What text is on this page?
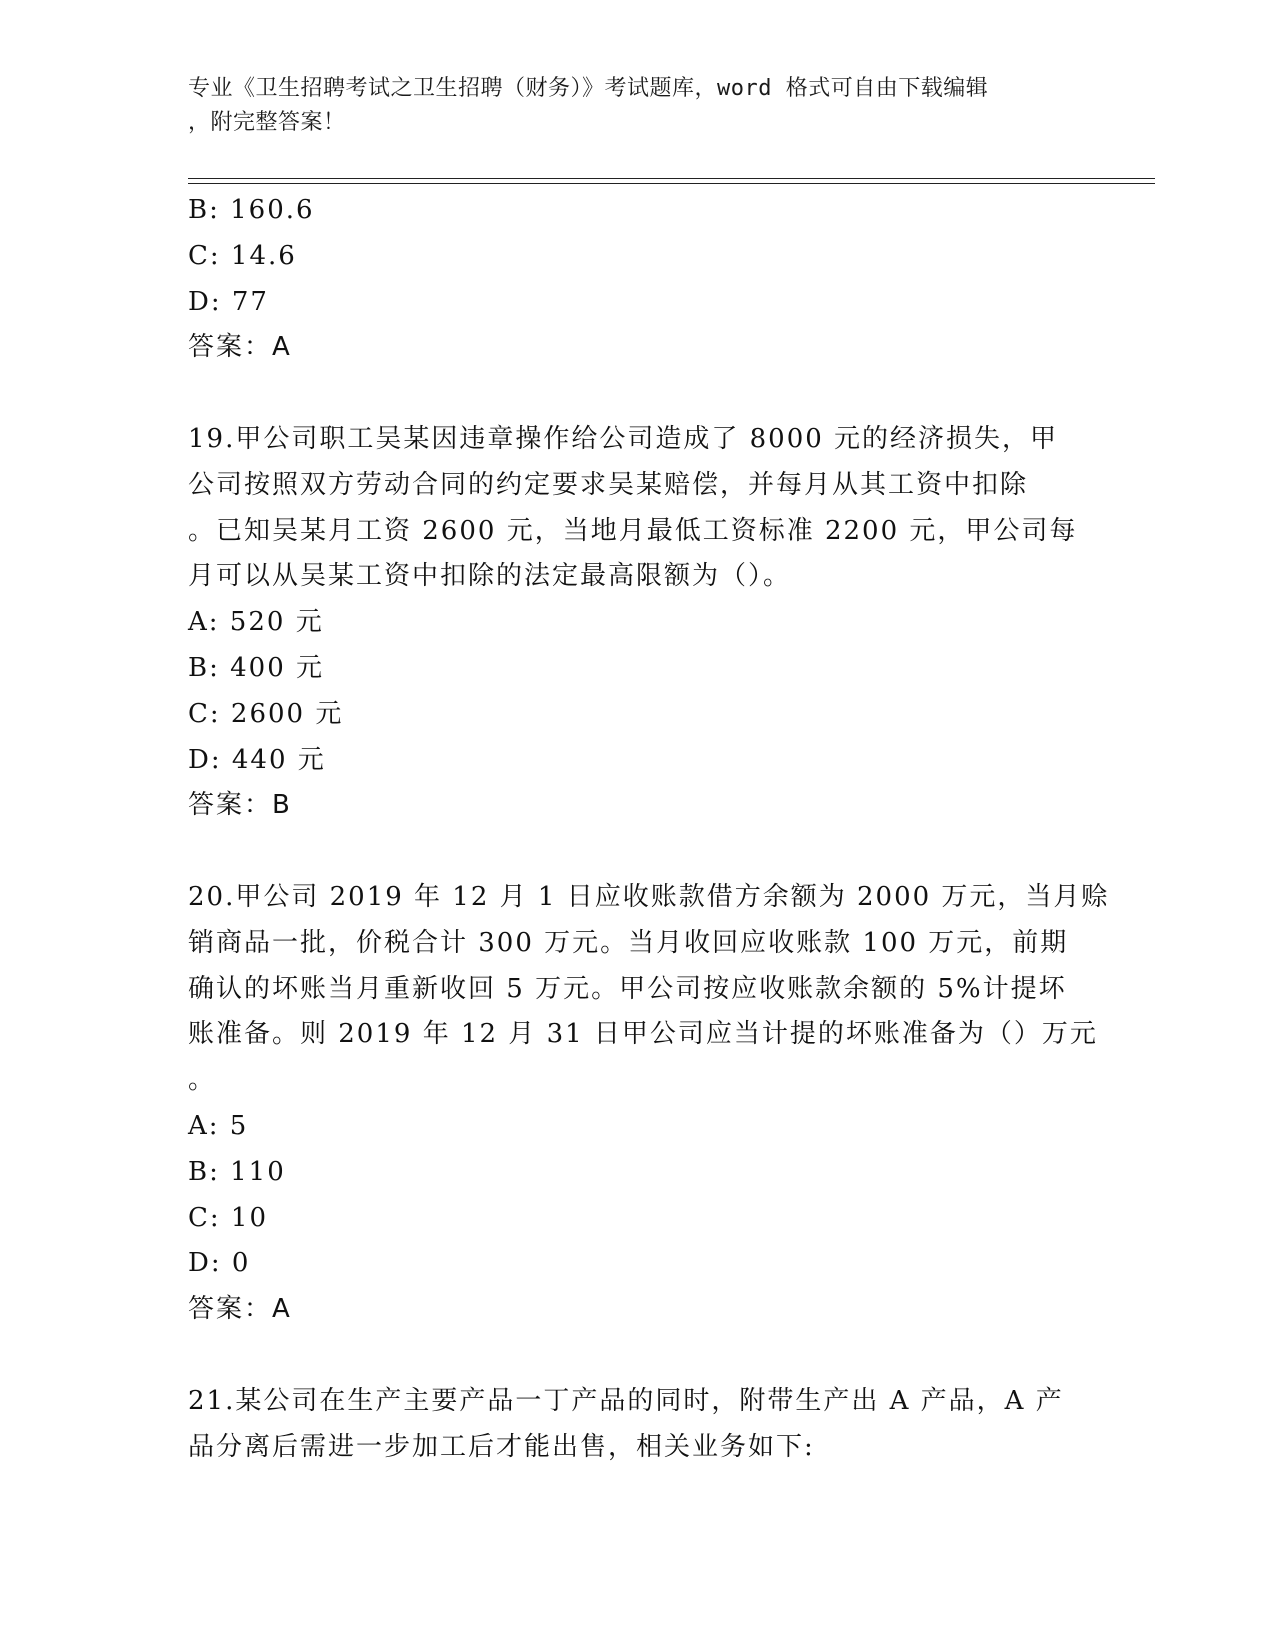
专业《卫生招聘考试之卫生招聘（财务）》考试题库，word 格式可自由下载编辑
，附完整答案！
B: 160.6
C: 14.6
D: 77
答案：A
19.甲公司职工吴某因违章操作给公司造成了 8000 元的经济损失，甲
公司按照双方劳动合同的约定要求吴某赔偿，并每月从其工资中扣除
。已知吴某月工资 2600 元，当地月最低工资标准 2200 元，甲公司每
月可以从吴某工资中扣除的法定最高限额为（）。
A: 520 元
B: 400 元
C: 2600 元
D: 440 元
答案：B
20.甲公司 2019 年 12 月 1 日应收账款借方余额为 2000 万元，当月赊
销商品一批，价税合计 300 万元。当月收回应收账款 100 万元，前期
确认的坏账当月重新收回 5 万元。甲公司按应收账款余额的 5%计提坏
账准备。则 2019 年 12 月 31 日甲公司应当计提的坏账准备为（）万元
。
A: 5
B: 110
C: 10
D: 0
答案：A
21.某公司在生产主要产品一丁产品的同时，附带生产出 A 产品，A 产
品分离后需进一步加工后才能出售，相关业务如下:
